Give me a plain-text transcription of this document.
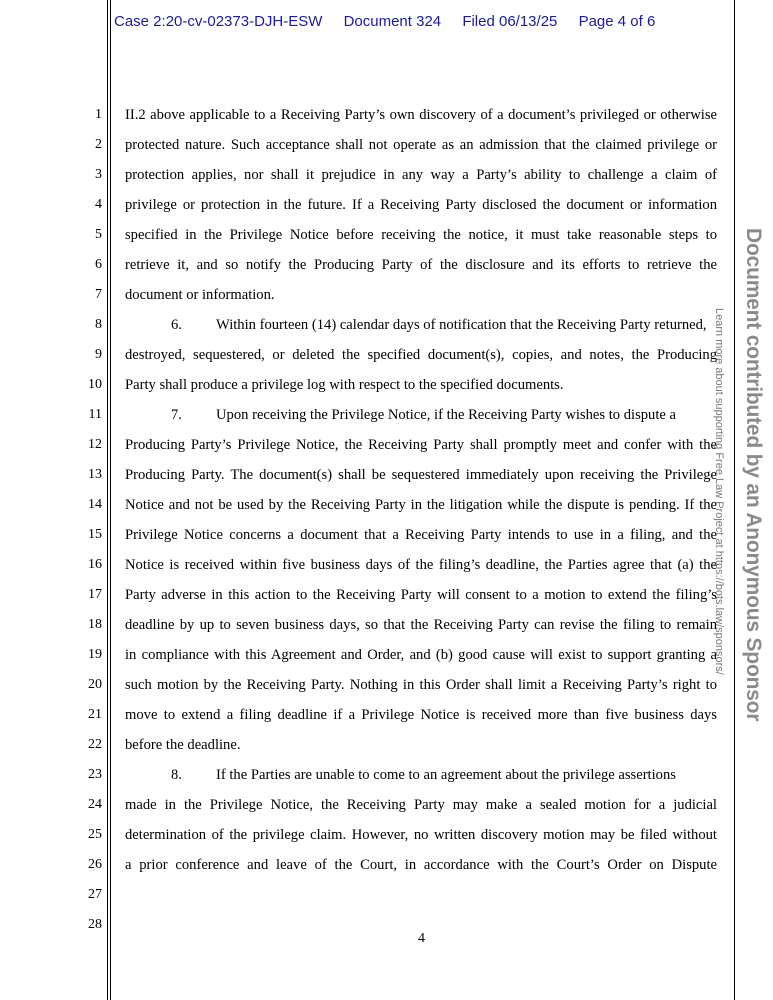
Case 2:20-cv-02373-DJH-ESW Document 324 Filed 06/13/25 Page 4 of 6
1
2
3
4
5
6
7
8
9
10
11
12
13
14
15
16
17
18
19
20
21
22
23
24
25
26
27
28
II.2 above applicable to a Receiving Party’s own discovery of a document’s privileged or otherwise
protected nature. Such acceptance shall not operate as an admission that the claimed privilege or
protection applies, nor shall it prejudice in any way a Party’s ability to challenge a claim of
privilege or protection in the future. If a Receiving Party disclosed the document or information
specified in the Privilege Notice before receiving the notice, it must take reasonable steps to
retrieve it, and so notify the Producing Party of the disclosure and its efforts to retrieve the
document or information.
6. Within fourteen (14) calendar days of notification that the Receiving Party returned,
destroyed, sequestered, or deleted the specified document(s), copies, and notes, the Producing
Party shall produce a privilege log with respect to the specified documents.
7. Upon receiving the Privilege Notice, if the Receiving Party wishes to dispute a
Producing Party’s Privilege Notice, the Receiving Party shall promptly meet and confer with the
Producing Party. The document(s) shall be sequestered immediately upon receiving the Privilege
Notice and not be used by the Receiving Party in the litigation while the dispute is pending. If the
Privilege Notice concerns a document that a Receiving Party intends to use in a filing, and the
Notice is received within five business days of the filing’s deadline, the Parties agree that (a) the
Party adverse in this action to the Receiving Party will consent to a motion to extend the filing’s
deadline by up to seven business days, so that the Receiving Party can revise the filing to remain
in compliance with this Agreement and Order, and (b) good cause will exist to support granting a
such motion by the Receiving Party. Nothing in this Order shall limit a Receiving Party’s right to
move to extend a filing deadline if a Privilege Notice is received more than five business days
before the deadline.
8. If the Parties are unable to come to an agreement about the privilege assertions
made in the Privilege Notice, the Receiving Party may make a sealed motion for a judicial
determination of the privilege claim. However, no written discovery motion may be filed without
a prior conference and leave of the Court, in accordance with the Court’s Order on Dispute
4
Document contributed by an Anonymous Sponsor
Learn more about supporting Free Law Project at https://bots.law/sponsors/
